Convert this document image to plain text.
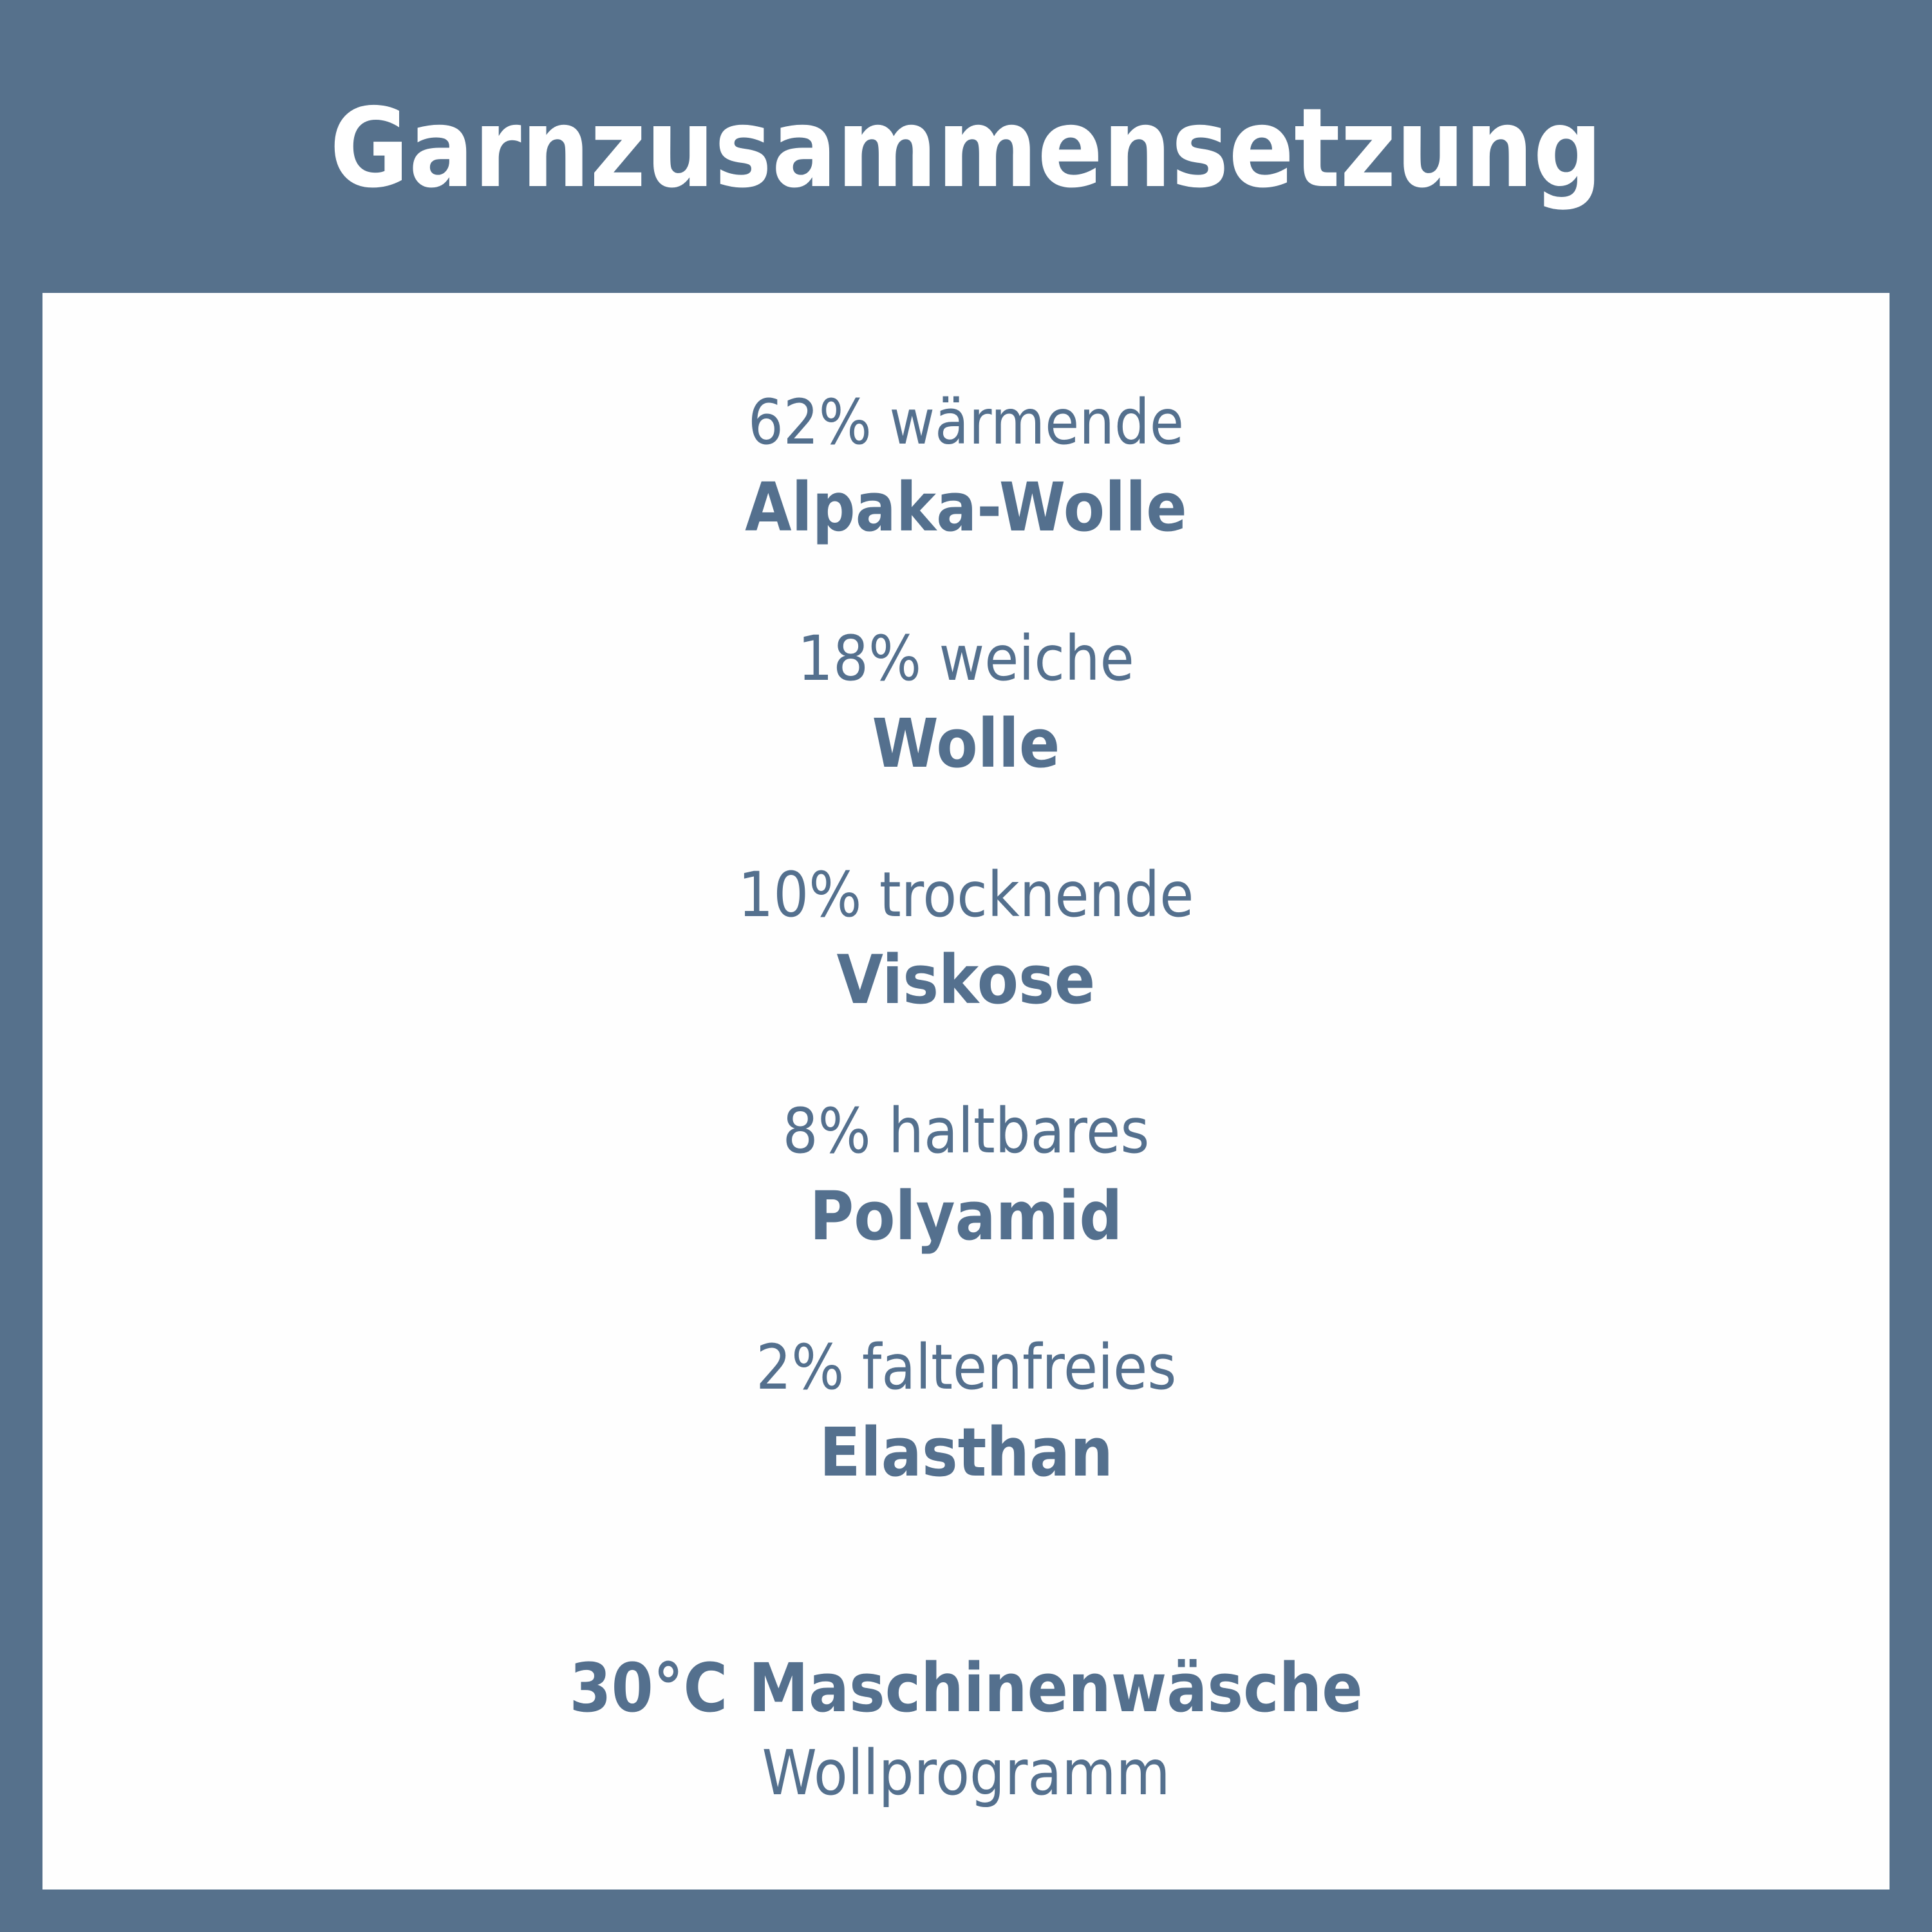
Garnzusammensetzung
62% wärmende
Alpaka-Wolle
18% weiche
Wolle
10% trocknende
Viskose
8% haltbares
Polyamid
2% faltenfreies
Elasthan
30°C Maschinenwäsche
Wollprogramm
